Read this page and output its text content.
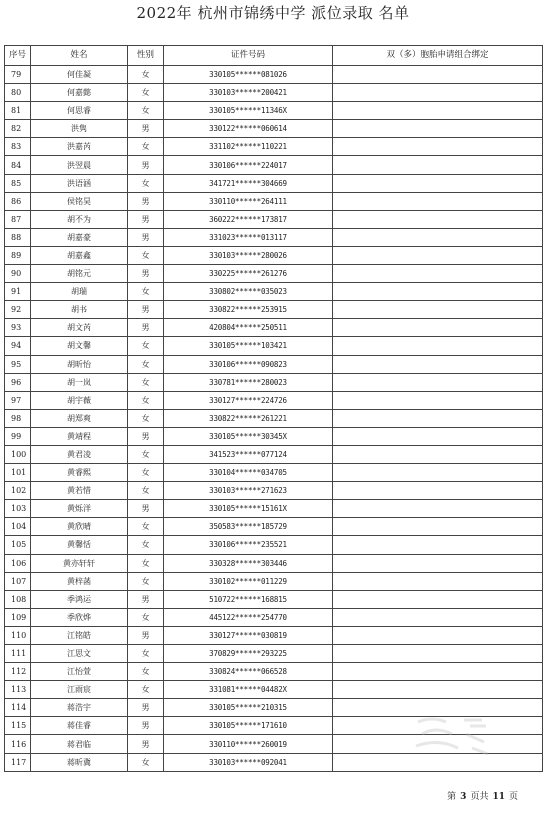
2022年 杭州市锦绣中学 派位录取 名单
序号	姓名	性别	证件号码	双（多）胞胎申请组合绑定
79	何佳凝	女	330105******081026	
80	何嘉懿	女	330103******200421	
81	何思睿	女	330105******11346X	
82	洪隽	男	330122******060614	
83	洪嘉芮	女	331102******110221	
84	洪翌晨	男	330106******224017	
85	洪语涵	女	341721******304669	
86	侯铭昊	男	330110******264111	
87	胡不为	男	360222******173817	
88	胡嘉豪	男	331023******013117	
89	胡嘉鑫	女	330103******280026	
90	胡铭元	男	330225******261276	
91	胡瑞	女	330802******035023	
92	胡书	男	330822******253915	
93	胡文芮	男	420804******250511	
94	胡文馨	女	330105******103421	
95	胡昕怡	女	330106******090823	
96	胡一岚	女	330781******280023	
97	胡宇薇	女	330127******224726	
98	胡郑爽	女	330822******261221	
99	黄靖程	男	330105******30345X	
100	黄君凌	女	341523******077124	
101	黄睿熙	女	330104******034705	
102	黄若惜	女	330103******271623	
103	黄烁洋	男	330105******15161X	
104	黄欣晴	女	350583******185729	
105	黄馨恬	女	330106******235521	
106	黄亦轩轩	女	330328******303446	
107	黄梓菡	女	330102******011229	
108	季鸿运	男	510722******168815	
109	季欣烨	女	445122******254770	
110	江铭皓	男	330127******030819	
111	江思文	女	370829******293225	
112	江怡萱	女	330824******066528	
113	江雨宸	女	331081******04482X	
114	蒋浩宇	男	330105******210315	
115	蒋佳睿	男	330105******171610	
116	蒋君临	男	330110******260019	
117	蒋昕冀	女	330103******092041	
第 3 页共 11 页
